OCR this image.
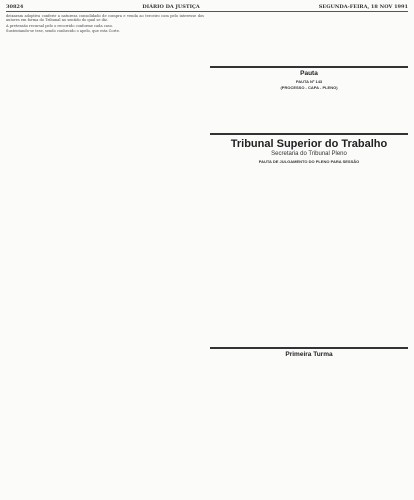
30824	DIÁRIO DA JUSTIÇA	SEGUNDA-FEIRA, 18 NOV 1991

deixaram adoptiva conferir a natureza consolidado de compra e venda ao terceiro com pelo interesse dos autores em forma do Tribunal no sentido do qual se diz.

A pretensão recursal pelo o recorrido conforme cada caso.

Sustentando-se tese, sendo conhecido o apelo, que esta Corte.

Pauta
PAUTA Nº 143
(PROCESSO - CAPA - PLENO)
Tribunal Superior do Trabalho
Secretaria do Tribunal Pleno
PAUTA DE JULGAMENTO DO PLENO PARA SESSÃO
Primeira Turma
